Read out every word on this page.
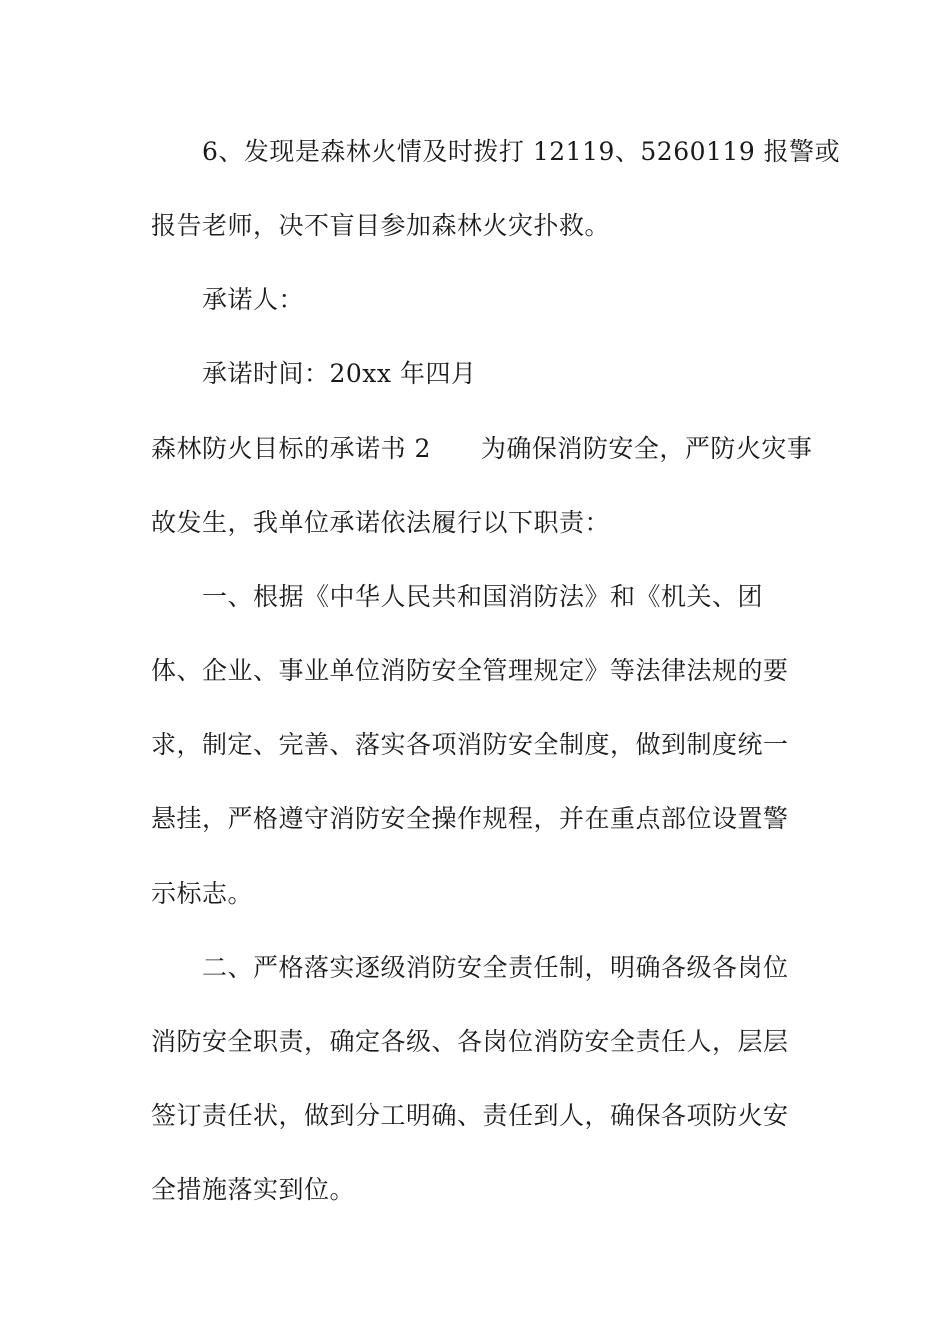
6、发现是森林火情及时拨打 12119、5260119 报警或
报告老师，决不盲目参加森林火灾扑救。
承诺人：
承诺时间：20xx 年四月
森林防火目标的承诺书 2 为确保消防安全，严防火灾事
故发生，我单位承诺依法履行以下职责：
一、根据《中华人民共和国消防法》和《机关、团
体、企业、事业单位消防安全管理规定》等法律法规的要
求，制定、完善、落实各项消防安全制度，做到制度统一
悬挂，严格遵守消防安全操作规程，并在重点部位设置警
示标志。
二、严格落实逐级消防安全责任制，明确各级各岗位
消防安全职责，确定各级、各岗位消防安全责任人，层层
签订责任状，做到分工明确、责任到人，确保各项防火安
全措施落实到位。
